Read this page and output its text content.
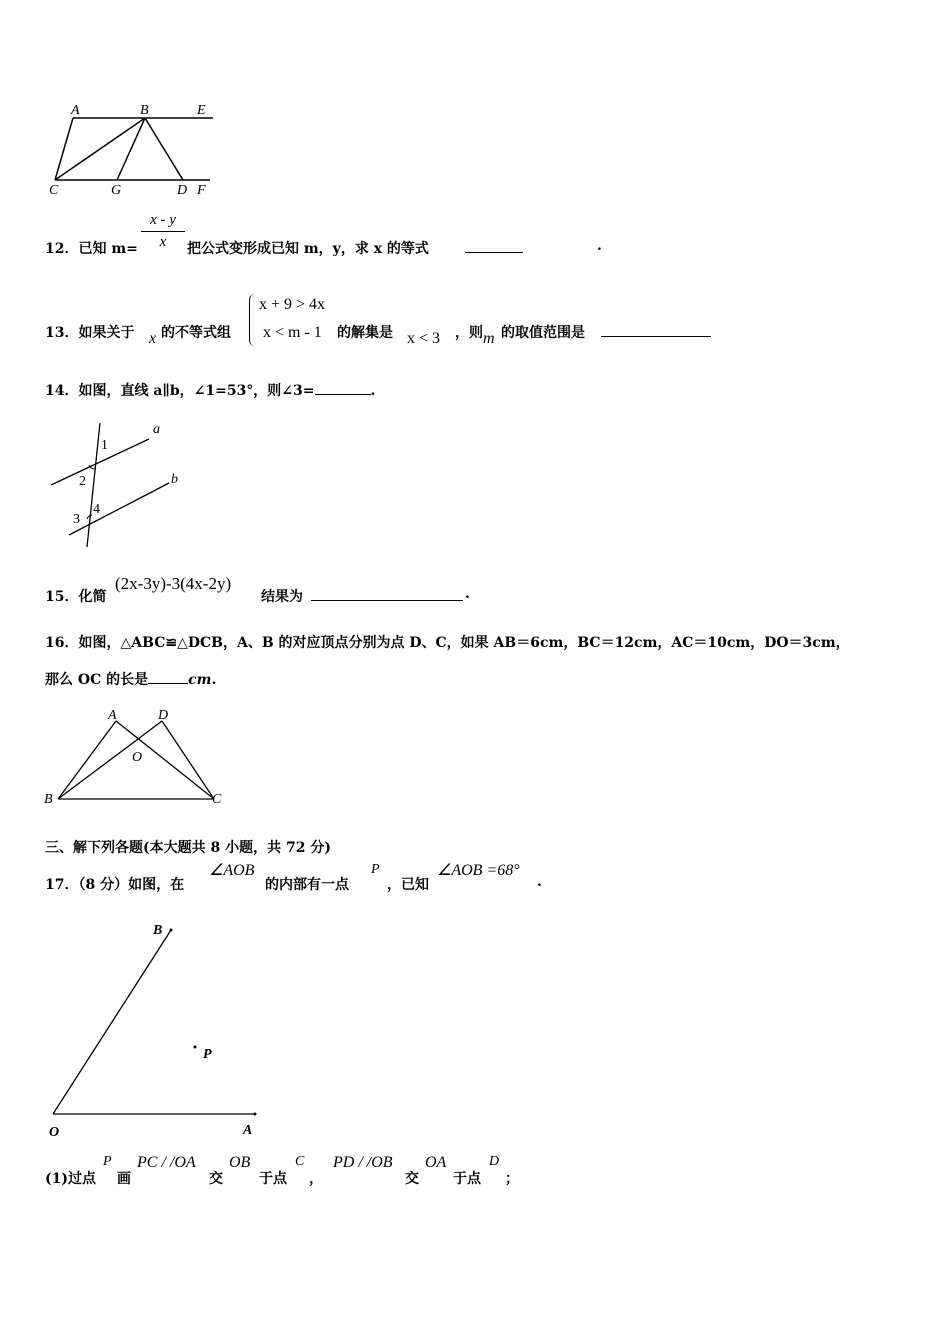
A	B	E
C	G	D F
12．已知 m=
x - y
x	把公式变形成已知 m，y，求 x 的等式	.
13．如果关于 x 的不等式组
x + 9 > 4x
x < m - 1 的解集是 x < 3 ，则 m 的取值范围是
14．如图，直线 a∥b，∠1=53°，则∠3=	.
a
b
1
2
3
4
15．化简
(2x-3y)-3(4x-2y)
结果为	.
16．如图，△ABC≌△DCB，A、B 的对应顶点分别为点 D、C，如果 AB＝6cm，BC＝12cm，AC＝10cm，DO＝3cm，
那么 OC 的长是	cm.
A	D
O
B	C
三、解下列各题(本大题共 8 小题，共 72 分)
17．（8 分）如图，在
∠AOB
的内部有一点
P
，已知
∠AOB =68°
.
B
P
O	A
(1)过点
P
画
PC / /OA
交
OB
于点
C
，
PD / /OB
交
OA
于点
D
；
